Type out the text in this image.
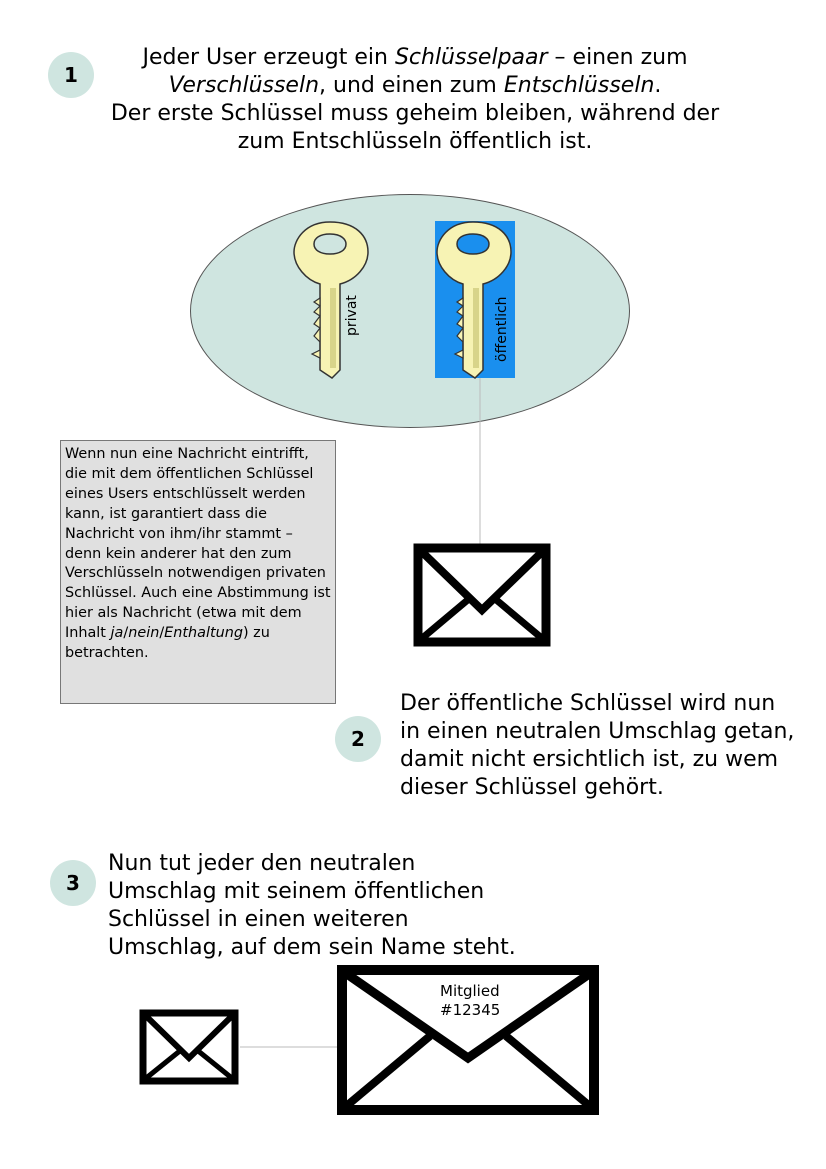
1
Jeder User erzeugt ein Schlüsselpaar – einen zum
Verschlüsseln, und einen zum Entschlüsseln.
Der erste Schlüssel muss geheim bleiben, während der
zum Entschlüsseln öffentlich ist.
privat	öffentlich
Wenn nun eine Nachricht eintrifft, die mit dem öffentlichen Schlüssel eines Users entschlüsselt werden kann, ist garantiert dass die Nachricht von ihm/ihr stammt – denn kein anderer hat den zum Verschlüsseln notwendigen privaten Schlüssel. Auch eine Abstimmung ist hier als Nachricht (etwa mit dem Inhalt ja/nein/Enthaltung) zu betrachten.
Mitglied
#12345
2
Der öffentliche Schlüssel wird nun in einen neutralen Umschlag getan, damit nicht ersichtlich ist, zu wem dieser Schlüssel gehört.
3
Nun tut jeder den neutralen Umschlag mit seinem öffentlichen Schlüssel in einen weiteren Umschlag, auf dem sein Name steht.
